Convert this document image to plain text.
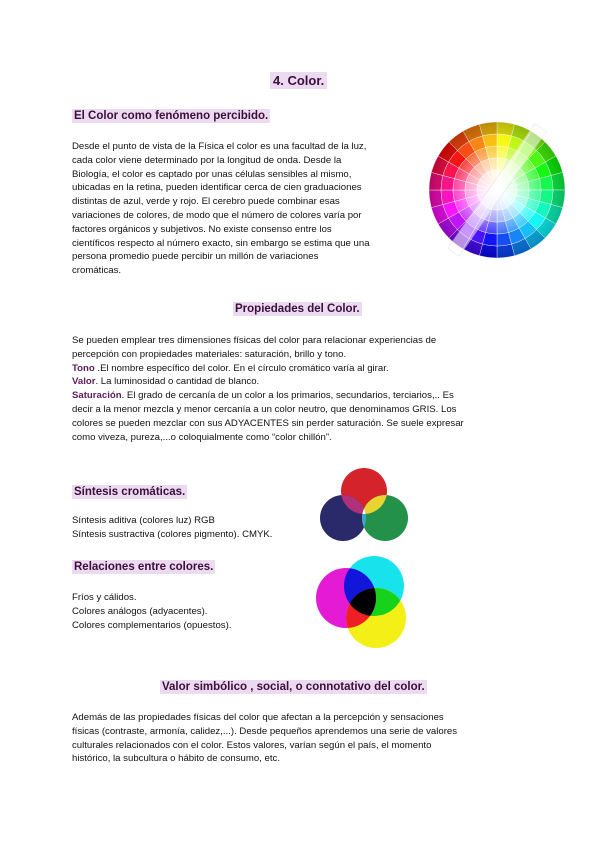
4. Color.
El Color como fenómeno percibido.
Desde el punto de vista de la Física el color es una facultad de la luz,
cada color viene determinado por la longitud de onda. Desde la
Biología, el color es captado por unas células sensibles al mismo,
ubicadas en la retina, pueden identificar cerca de cien graduaciones
distintas de azul, verde y rojo. El cerebro puede combinar esas
variaciones de colores, de modo que el número de colores varía por
factores orgánicos y subjetivos. No existe consenso entre los
científicos respecto al número exacto, sin embargo se estima que una
persona promedio puede percibir un millón de variaciones
cromáticas.
Propiedades del Color.
Se pueden emplear tres dimensiones físicas del color para relacionar experiencias de
percepción con propiedades materiales: saturación, brillo y tono.
Tono .El nombre específico del color. En el círculo cromático varía al girar.
Valor. La luminosidad o cantidad de blanco.
Saturación. El grado de cercanía de un color a los primarios, secundarios, terciarios,.. Es
decir a la menor mezcla y menor cercanía a un color neutro, que denominamos GRIS. Los
colores se pueden mezclar con sus ADYACENTES sin perder saturación. Se suele expresar
como viveza, pureza,...o coloquialmente como “color chillón”.
Síntesis cromáticas.
Síntesis aditiva (colores luz) RGB
Síntesis sustractiva (colores pigmento). CMYK.
Relaciones entre colores.
Fríos y cálidos.
Colores análogos (adyacentes).
Colores complementarios (opuestos).
Valor simbólico , social, o connotativo del color.
Además de las propiedades físicas del color que afectan a la percepción y sensaciones
físicas (contraste, armonía, calidez,...). Desde pequeños aprendemos una serie de valores
culturales relacionados con el color. Estos valores, varían según el país, el momento
histórico, la subcultura o hábito de consumo, etc.
